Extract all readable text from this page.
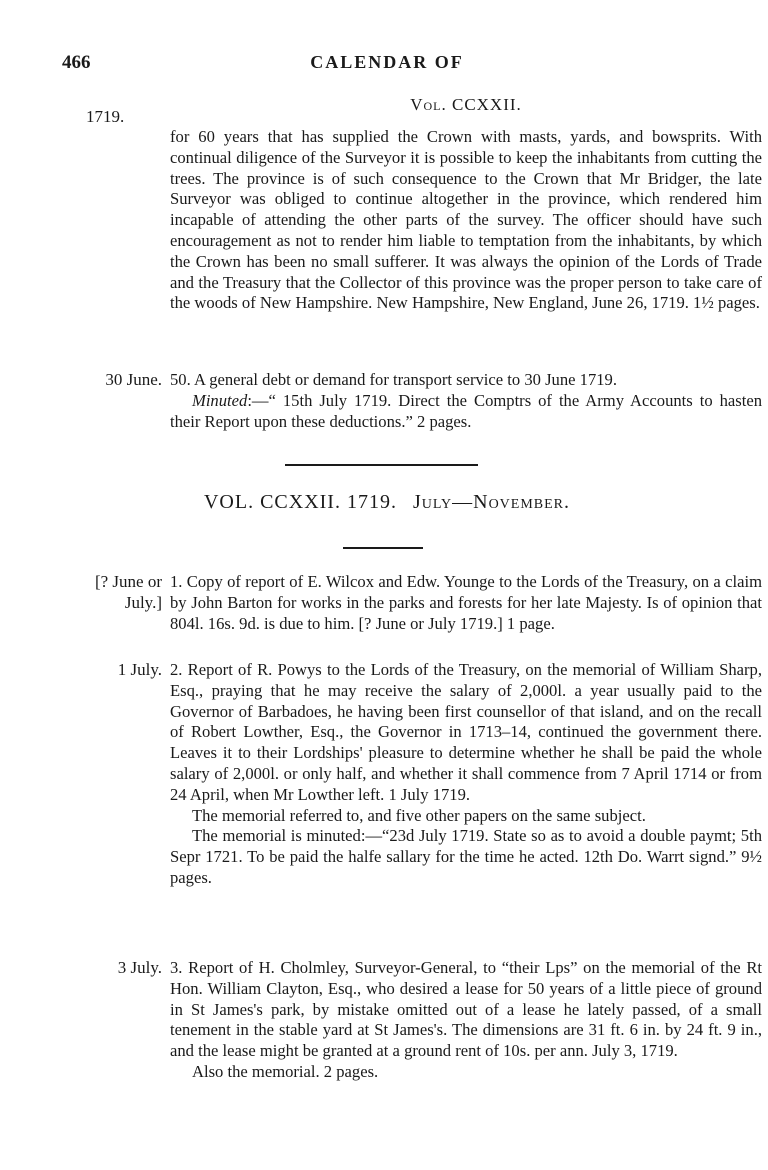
466	CALENDAR OF
1719.
Vol. CCXXII.
for 60 years that has supplied the Crown with masts, yards, and bowsprits. With continual diligence of the Surveyor it is possible to keep the inhabitants from cutting the trees. The province is of such consequence to the Crown that Mr Bridger, the late Surveyor was obliged to continue altogether in the province, which rendered him incapable of attending the other parts of the survey. The officer should have such encouragement as not to render him liable to temptation from the inhabitants, by which the Crown has been no small sufferer. It was always the opinion of the Lords of Trade and the Treasury that the Collector of this province was the proper person to take care of the woods of New Hampshire. New Hampshire, New England, June 26, 1719. 1½ pages.
30 June. 50. A general debt or demand for transport service to 30 June 1719.

Minuted:—“ 15th July 1719. Direct the Comptrs of the Army Accounts to hasten their Report upon these deductions.” 2 pages.

VOL. CCXXII. 1719. July—November.
[? June or July.]
1. Copy of report of E. Wilcox and Edw. Younge to the Lords of the Treasury, on a claim by John Barton for works in the parks and forests for her late Majesty. Is of opinion that 804l. 16s. 9d. is due to him. [? June or July 1719.] 1 page.
1 July. 2. Report of R. Powys to the Lords of the Treasury, on the memorial of William Sharp, Esq., praying that he may receive the salary of 2,000l. a year usually paid to the Governor of Barbadoes, he having been first counsellor of that island, and on the recall of Robert Lowther, Esq., the Governor in 1713–14, continued the government there. Leaves it to their Lordships' pleasure to determine whether he shall be paid the whole salary of 2,000l. or only half, and whether it shall commence from 7 April 1714 or from 24 April, when Mr Lowther left. 1 July 1719.

The memorial referred to, and five other papers on the same subject.

The memorial is minuted:—“23d July 1719. State so as to avoid a double paymt; 5th Sepr 1721. To be paid the halfe sallary for the time he acted. 12th Do. Warrt signd.” 9½ pages.

3 July. 3. Report of H. Cholmley, Surveyor-General, to “their Lps” on the memorial of the Rt Hon. William Clayton, Esq., who desired a lease for 50 years of a little piece of ground in St James's park, by mistake omitted out of a lease he lately passed, of a small tenement in the stable yard at St James's. The dimensions are 31 ft. 6 in. by 24 ft. 9 in., and the lease might be granted at a ground rent of 10s. per ann. July 3, 1719.

Also the memorial. 2 pages.
